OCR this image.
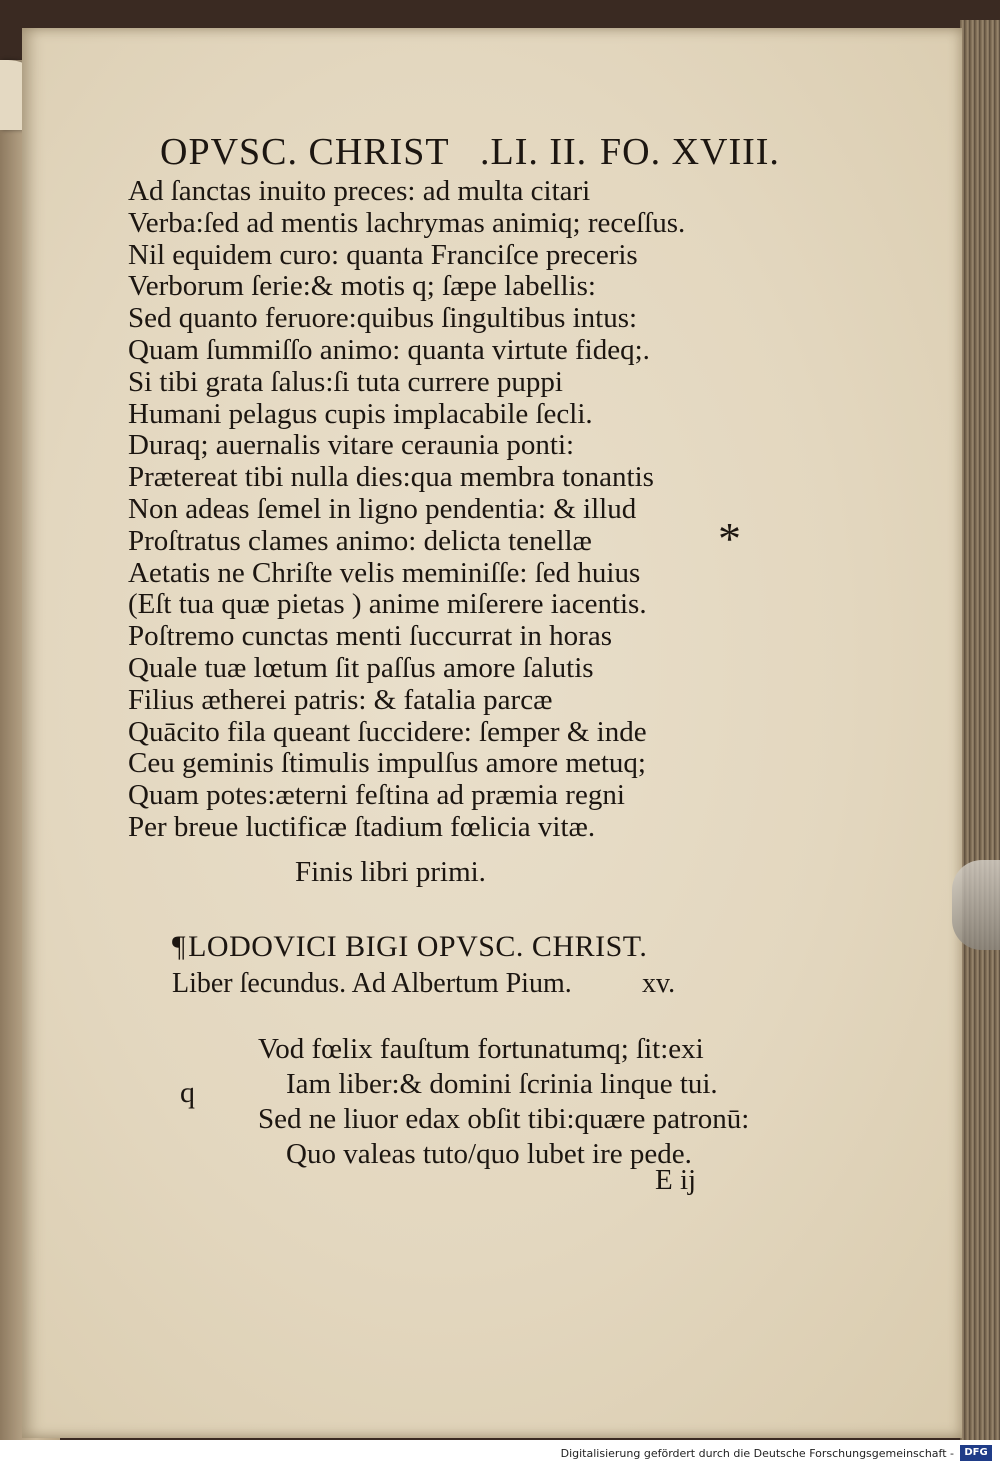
OPVSC. CHRIST .LI. II. FO. XVIII.
Ad ſanctas inuito preces: ad multa citari
Verba:ſed ad mentis lachrymas animiq; receſſus.
Nil equidem curo: quanta Franciſce preceris
Verborum ſerie:& motis q; ſæpe labellis:
Sed quanto feruore:quibus ſingultibus intus:
Quam ſummiſſo animo: quanta virtute fideq;.
Si tibi grata ſalus:ſi tuta currere puppi
Humani pelagus cupis implacabile ſecli.
Duraq; auernalis vitare ceraunia ponti:
Prætereat tibi nulla dies:qua membra tonantis
Non adeas ſemel in ligno pendentia: & illud
Proſtratus clames animo: delicta tenellæ
Aetatis ne Chriſte velis meminiſſe: ſed huius
(Eſt tua quæ pietas ) anime miſerere iacentis.
Poſtremo cunctas menti ſuccurrat in horas
Quale tuæ lœtum ſit paſſus amore ſalutis
Filius ætherei patris: & fatalia parcæ
Quācito fila queant ſuccidere: ſemper & inde
Ceu geminis ſtimulis impulſus amore metuq;
Quam potes:æterni feſtina ad præmia regni
Per breue luctificæ ſtadium fœlicia vitæ.
*
Finis libri primi.
¶LODOVICI BIGI OPVSC. CHRIST.
Liber ſecundus. Ad Albertum Pium.	xv.
q
Vod fœlix fauſtum fortunatumq; ſit:exi
Iam liber:& domini ſcrinia linque tui.
Sed ne liuor edax obſit tibi:quære patronū:
Quo valeas tuto/quo lubet ire pede.
E ij
Digitalisierung gefördert durch die Deutsche Forschungsgemeinschaft -	DFG
